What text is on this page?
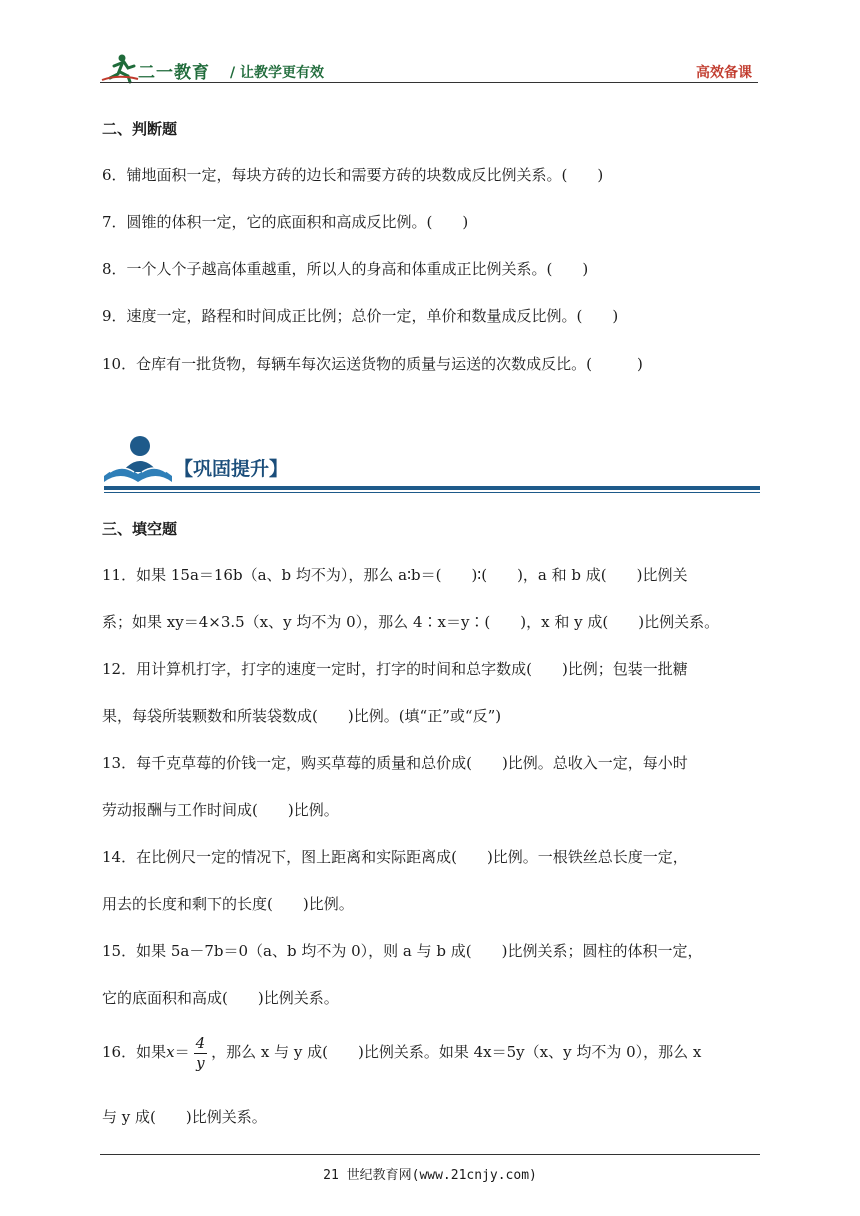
二一教育 / 让教学更有效	高效备课
二、判断题
6．铺地面积一定，每块方砖的边长和需要方砖的块数成反比例关系。(　　)
7．圆锥的体积一定，它的底面积和高成反比例。(　　)
8．一个人个子越高体重越重，所以人的身高和体重成正比例关系。(　　)
9．速度一定，路程和时间成正比例；总价一定，单价和数量成反比例。(　　)
10．仓库有一批货物，每辆车每次运送货物的质量与运送的次数成反比。(　　　)
【巩固提升】
三、填空题
11．如果 15a＝16b（a、b 均不为），那么 a∶b＝(　　)∶(　　)，a 和 b 成(　　)比例关
系；如果 xy＝4×3.5（x、y 均不为 0），那么 4∶x＝y∶(　　)，x 和 y 成(　　)比例关系。
12．用计算机打字，打字的速度一定时，打字的时间和总字数成(　　)比例；包装一批糖
果，每袋所装颗数和所装袋数成(　　)比例。(填“正”或“反”)
13．每千克草莓的价钱一定，购买草莓的质量和总价成(　　)比例。总收入一定，每小时
劳动报酬与工作时间成(　　)比例。
14．在比例尺一定的情况下，图上距离和实际距离成(　　)比例。一根铁丝总长度一定，
用去的长度和剩下的长度(　　)比例。
15．如果 5a－7b＝0（a、b 均不为 0），则 a 与 b 成(　　)比例关系；圆柱的体积一定，
它的底面积和高成(　　)比例关系。
16．如果$x= \frac{4}{y}$ ，那么 x 与 y 成(　　)比例关系。如果 4x＝5y（x、y 均不为 0），那么 x
与 y 成(　　)比例关系。
21 世纪教育网(www.21cnjy.com)
